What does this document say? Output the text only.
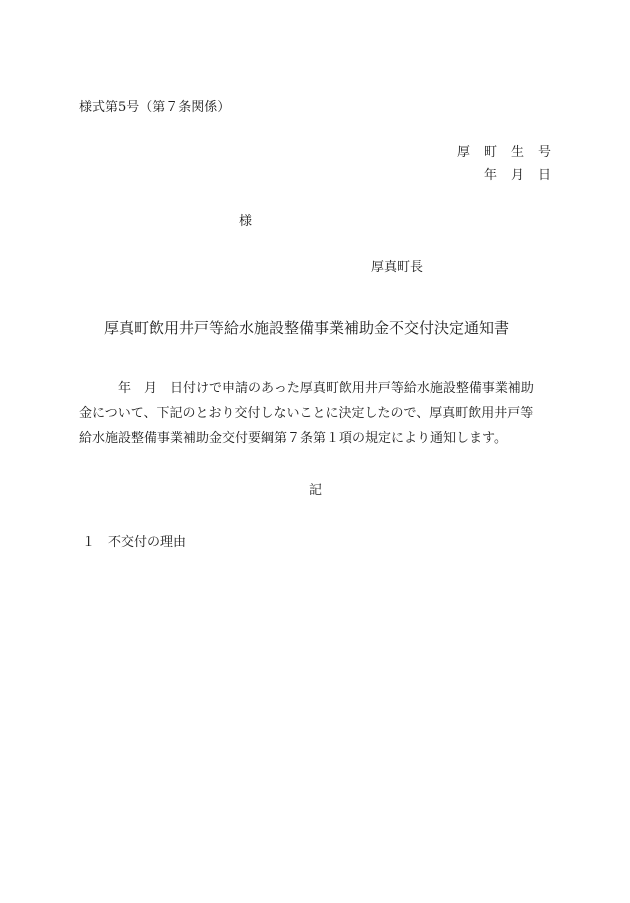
様式第5号（第７条関係）
厚町生号
年月日
様
厚真町長
厚真町飲用井戸等給水施設整備事業補助金不交付決定通知書

　　　年　月　日付けで申請のあった厚真町飲用井戸等給水施設整備事業補助

金について、下記のとおり交付しないことに決定したので、厚真町飲用井戸等

給水施設整備事業補助金交付要綱第７条第１項の規定により通知します。

記
１ 不交付の理由
